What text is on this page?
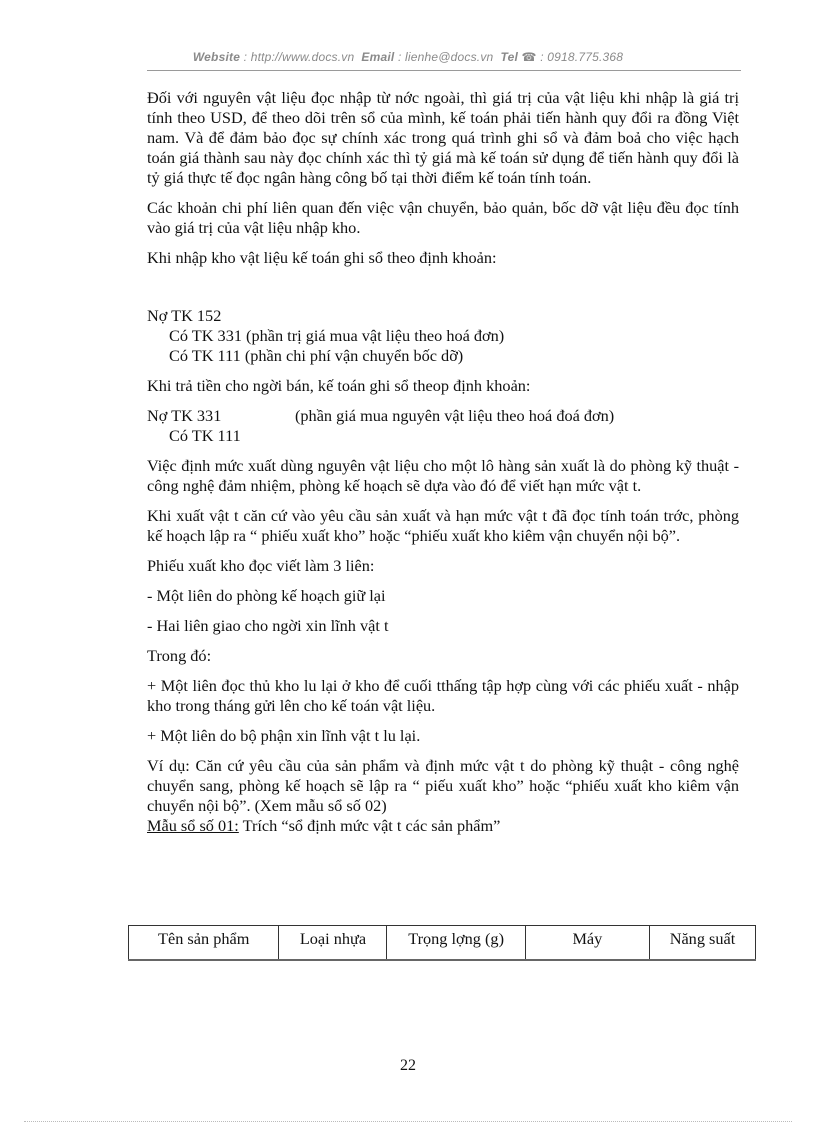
Website : http://www.docs.vn Email : lienhe@docs.vn Tel ☎ : 0918.775.368

Đối với nguyên vật liệu đọc nhập từ nớc ngoài, thì giá trị của vật liệu khi nhập là giá trị tính theo USD, để theo dõi trên sổ của mình, kế toán phải tiến hành quy đổi ra đồng Việt nam. Và để đảm bảo đọc sự chính xác trong quá trình ghi sổ và đảm boả cho việc hạch toán giá thành sau này đọc chính xác thì tỷ giá mà kế toán sử dụng để tiến hành quy đổi là tỷ giá thực tế đọc ngân hàng công bố tại thời điểm kế toán tính toán.

Các khoản chi phí liên quan đến việc vận chuyển, bảo quản, bốc dỡ vật liệu đều đọc tính vào giá trị của vật liệu nhập kho.

Khi nhập kho vật liệu kế toán ghi sổ theo định khoản:

Nợ TK 152

Có TK 331 (phần trị giá mua vật liệu theo hoá đơn)

Có TK 111 (phần chi phí vận chuyển bốc dỡ)

Khi trả tiền cho ngời bán, kế toán ghi sổ theop định khoản:

Nợ TK 331	(phần giá mua nguyên vật liệu theo hoá đoá đơn)

Có TK 111

Việc định mức xuất dùng nguyên vật liệu cho một lô hàng sản xuất là do phòng kỹ thuật - công nghệ đảm nhiệm, phòng kế hoạch sẽ dựa vào đó để viết hạn mức vật t.

Khi xuất vật t căn cứ vào yêu cầu sản xuất và hạn mức vật t đã đọc tính toán trớc, phòng kế hoạch lập ra “ phiếu xuất kho” hoặc “phiếu xuất kho kiêm vận chuyển nội bộ”.

Phiếu xuất kho đọc viết làm 3 liên:

- Một liên do phòng kế hoạch giữ lại

- Hai liên giao cho ngời xin lĩnh vật t

Trong đó:

+ Một liên đọc thủ kho lu lại ở kho để cuối tthấng tập hợp cùng với các phiếu xuất - nhập kho trong tháng gửi lên cho kế toán vật liệu.

+ Một liên do bộ phận xin lĩnh vật t lu lại.

Ví dụ: Căn cứ yêu cầu của sản phẩm và định mức vật t do phòng kỹ thuật - công nghệ chuyển sang, phòng kế hoạch sẽ lập ra “ piếu xuất kho” hoặc “phiếu xuất kho kiêm vận chuyển nội bộ”. (Xem mẫu sổ số 02)

Mẫu sổ số 01: Trích “sổ định mức vật t các sản phẩm”

Tên sản phẩm	Loại nhựa	Trọng lợng (g)	Máy	Năng suất
22
